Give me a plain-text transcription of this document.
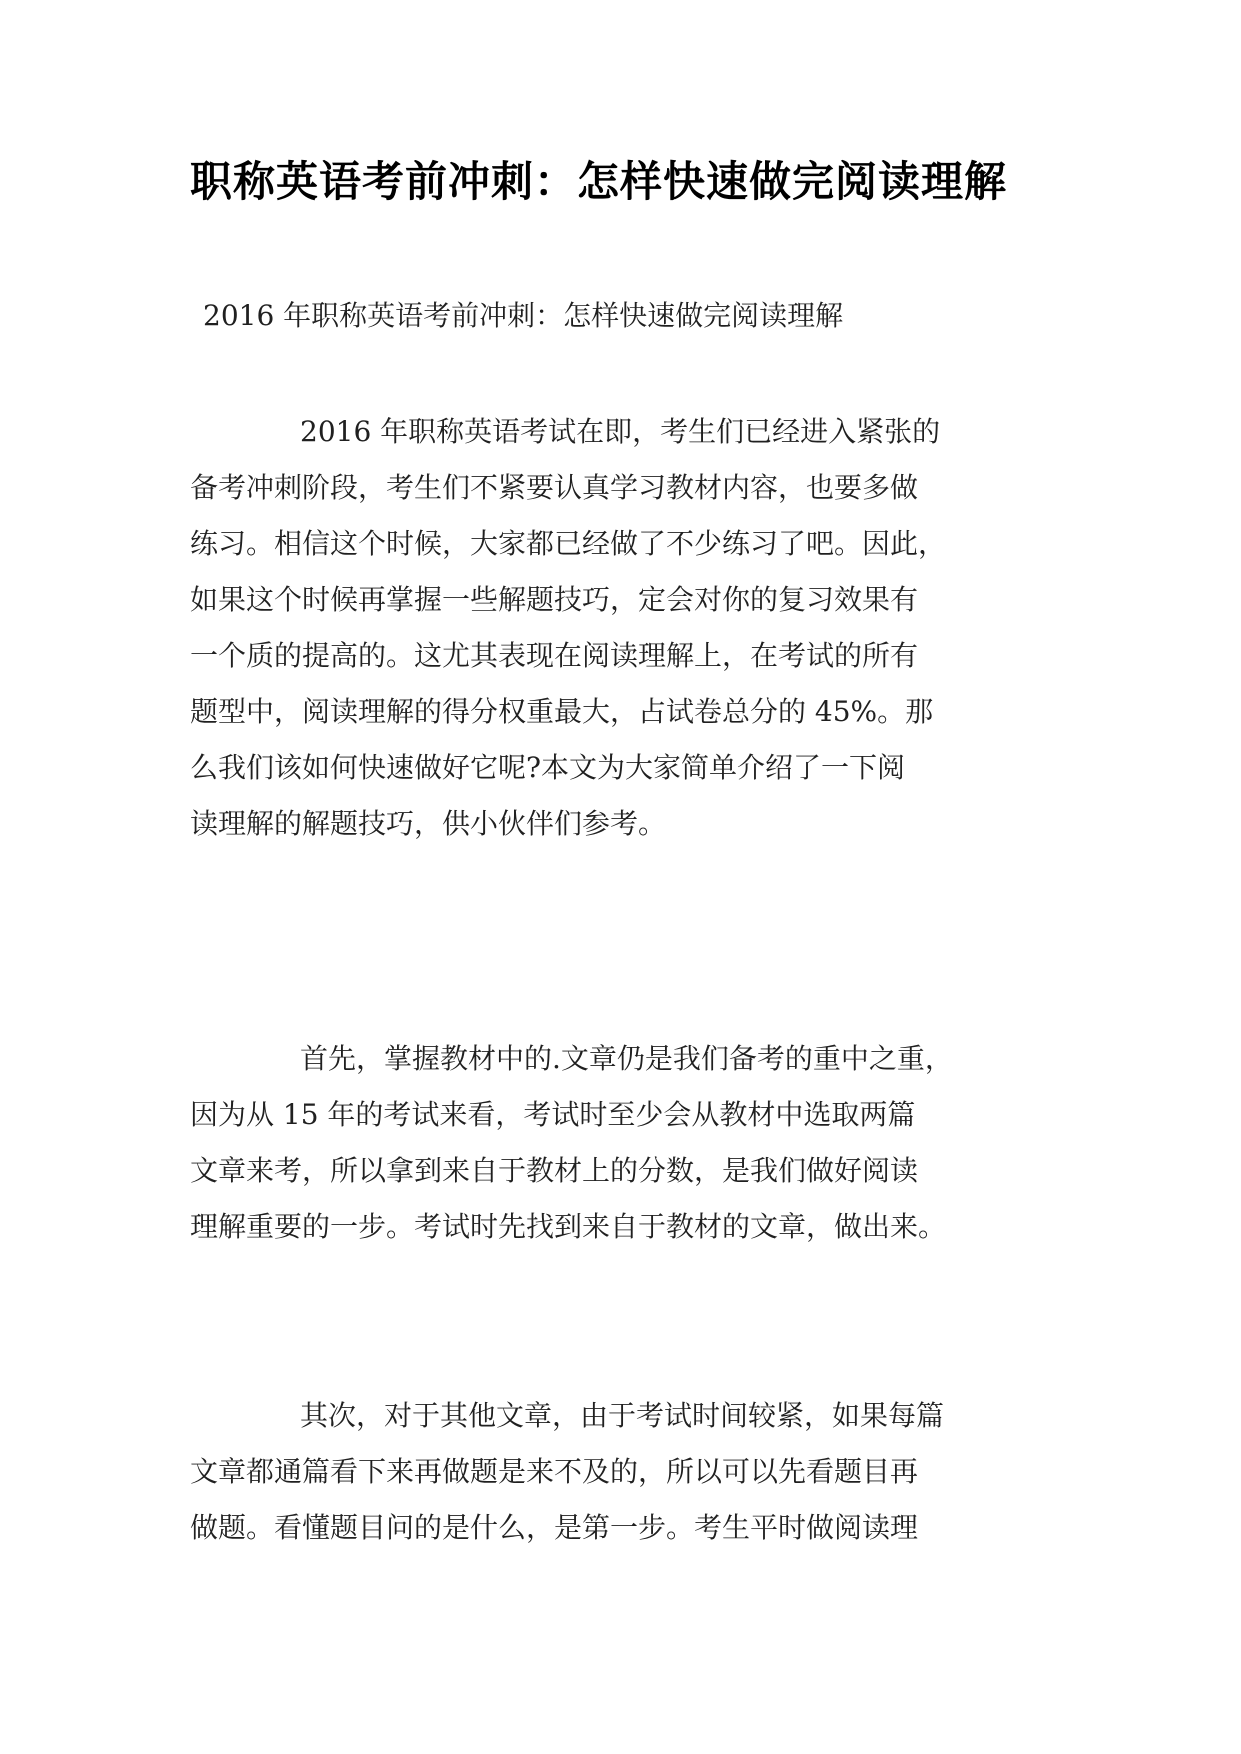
职称英语考前冲刺：怎样快速做完阅读理解
2016 年职称英语考前冲刺：怎样快速做完阅读理解
2016 年职称英语考试在即，考生们已经进入紧张的
备考冲刺阶段，考生们不紧要认真学习教材内容，也要多做
练习。相信这个时候，大家都已经做了不少练习了吧。因此，
如果这个时候再掌握一些解题技巧，定会对你的复习效果有
一个质的提高的。这尤其表现在阅读理解上，在考试的所有
题型中，阅读理解的得分权重最大，占试卷总分的 45%。那
么我们该如何快速做好它呢?本文为大家简单介绍了一下阅
读理解的解题技巧，供小伙伴们参考。
首先，掌握教材中的.文章仍是我们备考的重中之重，
因为从 15 年的考试来看，考试时至少会从教材中选取两篇
文章来考，所以拿到来自于教材上的分数，是我们做好阅读
理解重要的一步。考试时先找到来自于教材的文章，做出来。
其次，对于其他文章，由于考试时间较紧，如果每篇
文章都通篇看下来再做题是来不及的，所以可以先看题目再
做题。看懂题目问的是什么，是第一步。考生平时做阅读理
